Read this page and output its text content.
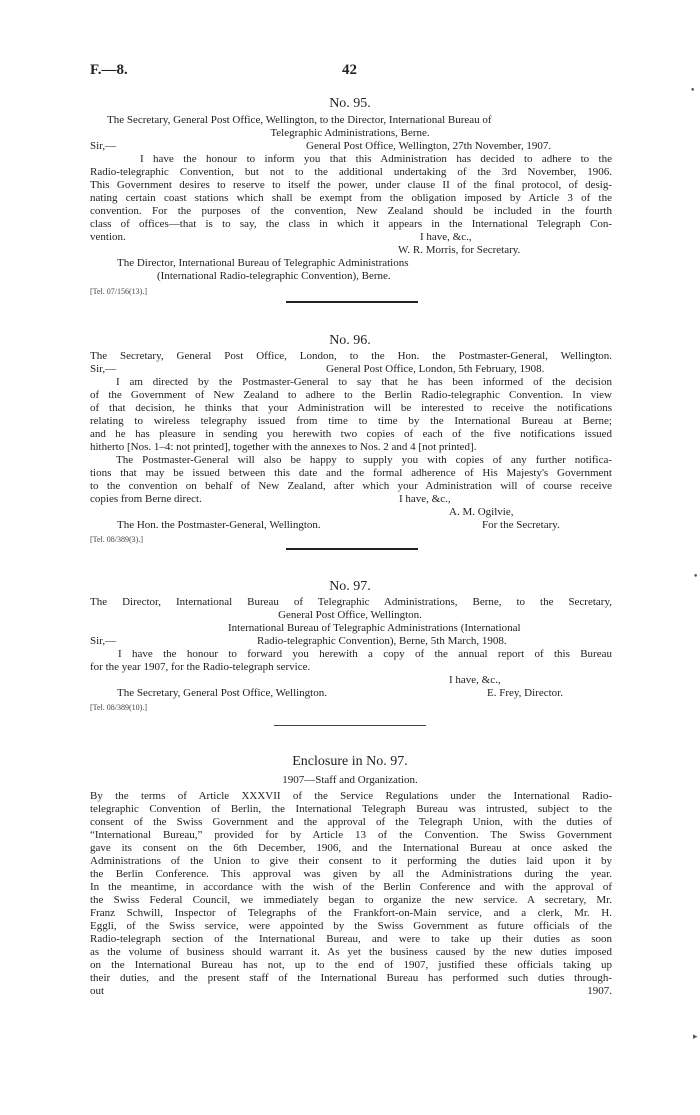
F.—8.	42
No. 95.
The Secretary, General Post Office, Wellington, to the Director, International Bureau of
Telegraphic Administrations, Berne.
Sir,—	General Post Office, Wellington, 27th November, 1907.
I have the honour to inform you that this Administration has decided to adhere to the
Radio-telegraphic Convention, but not to the additional undertaking of the 3rd November, 1906.
This Government desires to reserve to itself the power, under clause II of the final protocol, of desig-
nating certain coast stations which shall be exempt from the obligation imposed by Article 3 of the
convention. For the purposes of the convention, New Zealand should be included in the fourth
class of offices—that is to say, the class in which it appears in the International Telegraph Con-
vention.	I have, &c.,
W. R. Morris, for Secretary.
The Director, International Bureau of Telegraphic Administrations
(International Radio-telegraphic Convention), Berne.
[Tel. 07/156(13).]
No. 96.
The Secretary, General Post Office, London, to the Hon. the Postmaster-General, Wellington.
Sir,—	General Post Office, London, 5th February, 1908.
I am directed by the Postmaster-General to say that he has been informed of the decision
of the Government of New Zealand to adhere to the Berlin Radio-telegraphic Convention. In view
of that decision, he thinks that your Administration will be interested to receive the notifications
relating to wireless telegraphy issued from time to time by the International Bureau at Berne;
and he has pleasure in sending you herewith two copies of each of the five notifications issued
hitherto [Nos. 1–4: not printed], together with the annexes to Nos. 2 and 4 [not printed].
The Postmaster-General will also be happy to supply you with copies of any further notifica-
tions that may be issued between this date and the formal adherence of His Majesty's Government
to the convention on behalf of New Zealand, after which your Administration will of course receive
copies from Berne direct.	I have, &c.,
A. M. Ogilvie,
The Hon. the Postmaster-General, Wellington.	For the Secretary.
[Tel. 08/389(3).]
No. 97.
The Director, International Bureau of Telegraphic Administrations, Berne, to the Secretary,
General Post Office, Wellington.
Sir,—
International Bureau of Telegraphic Administrations (International
Radio-telegraphic Convention), Berne, 5th March, 1908.
I have the honour to forward you herewith a copy of the annual report of this Bureau
for the year 1907, for the Radio-telegraph service.
I have, &c.,
The Secretary, General Post Office, Wellington.	E. Frey, Director.
[Tel. 08/389(10).]
Enclosure in No. 97.
1907—Staff and Organization.
By the terms of Article XXXVII of the Service Regulations under the International Radio-
telegraphic Convention of Berlin, the International Telegraph Bureau was intrusted, subject to the
consent of the Swiss Government and the approval of the Telegraph Union, with the duties of
“International Bureau,” provided for by Article 13 of the Convention. The Swiss Government
gave its consent on the 6th December, 1906, and the International Bureau at once asked the
Administrations of the Union to give their consent to it performing the duties laid upon it by
the Berlin Conference. This approval was given by all the Administrations during the year.
In the meantime, in accordance with the wish of the Berlin Conference and with the approval of
the Swiss Federal Council, we immediately began to organize the new service. A secretary, Mr.
Franz Schwill, Inspector of Telegraphs of the Frankfort-on-Main service, and a clerk, Mr. H.
Eggli, of the Swiss service, were appointed by the Swiss Government as future officials of the
Radio-telegraph section of the International Bureau, and were to take up their duties as soon
as the volume of business should warrant it. As yet the business caused by the new duties imposed
on the International Bureau has not, up to the end of 1907, justified these officials taking up
their duties, and the present staff of the International Bureau has performed such duties through-
out 1907.
•
•
▸
